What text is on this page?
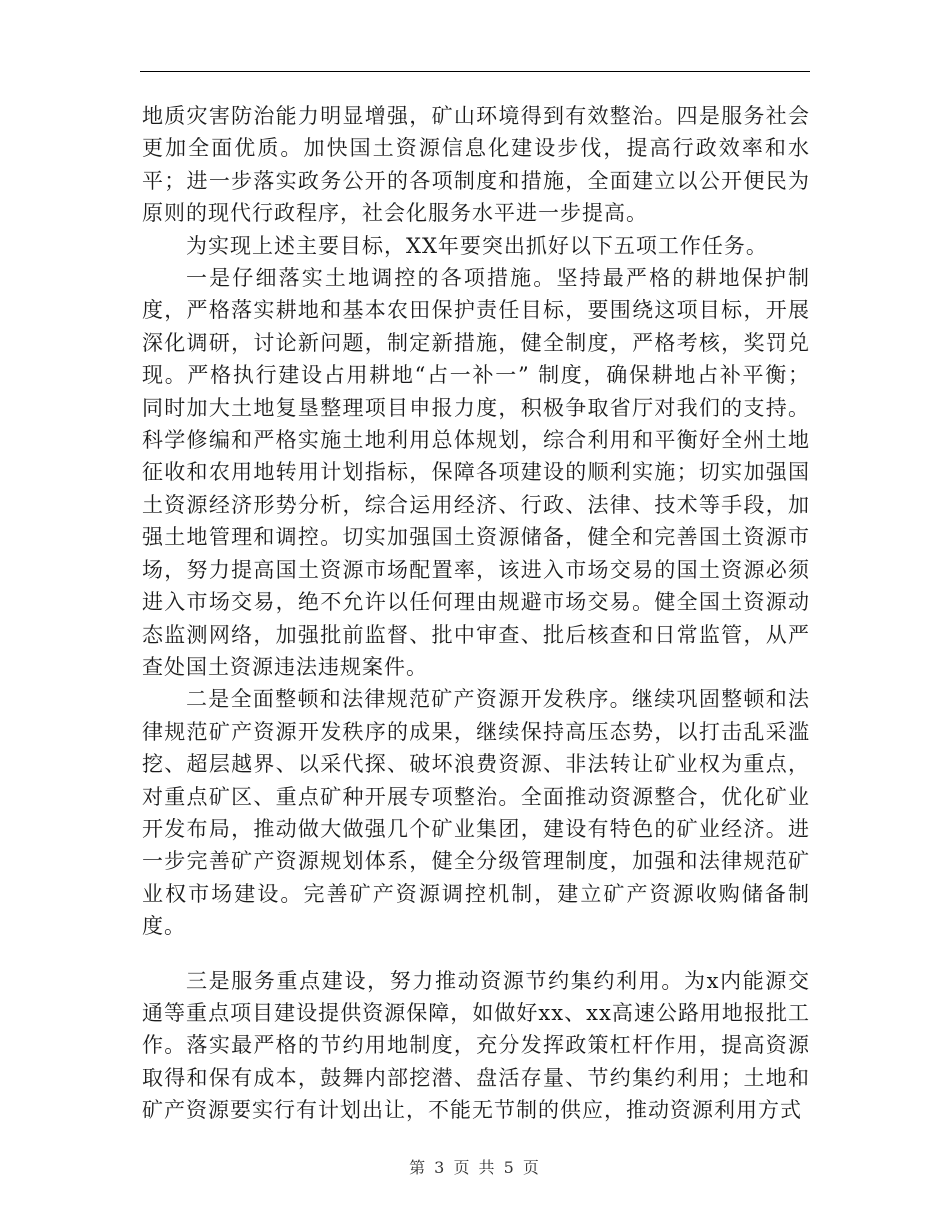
地质灾害防治能力明显增强，矿山环境得到有效整治。四是服务社会更加全面优质。加快国土资源信息化建设步伐，提高行政效率和水平；进一步落实政务公开的各项制度和措施，全面建立以公开便民为原则的现代行政程序，社会化服务水平进一步提高。

为实现上述主要目标，XX年要突出抓好以下五项工作任务。

一是仔细落实土地调控的各项措施。坚持最严格的耕地保护制度，严格落实耕地和基本农田保护责任目标，要围绕这项目标，开展深化调研，讨论新问题，制定新措施，健全制度，严格考核，奖罚兑现。严格执行建设占用耕地“占一补一” 制度，确保耕地占补平衡；同时加大土地复垦整理项目申报力度，积极争取省厅对我们的支持。科学修编和严格实施土地利用总体规划，综合利用和平衡好全州土地征收和农用地转用计划指标，保障各项建设的顺利实施；切实加强国土资源经济形势分析，综合运用经济、行政、法律、技术等手段，加强土地管理和调控。切实加强国土资源储备，健全和完善国土资源市场，努力提高国土资源市场配置率，该进入市场交易的国土资源必须进入市场交易，绝不允许以任何理由规避市场交易。健全国土资源动态监测网络，加强批前监督、批中审查、批后核查和日常监管，从严查处国土资源违法违规案件。

二是全面整顿和法律规范矿产资源开发秩序。继续巩固整顿和法律规范矿产资源开发秩序的成果，继续保持高压态势，以打击乱采滥挖、超层越界、以采代探、破坏浪费资源、非法转让矿业权为重点，对重点矿区、重点矿种开展专项整治。全面推动资源整合，优化矿业开发布局，推动做大做强几个矿业集团，建设有特色的矿业经济。进一步完善矿产资源规划体系，健全分级管理制度，加强和法律规范矿业权市场建设。完善矿产资源调控机制，建立矿产资源收购储备制度。

三是服务重点建设，努力推动资源节约集约利用。为x内能源交通等重点项目建设提供资源保障，如做好xx、xx高速公路用地报批工作。落实最严格的节约用地制度，充分发挥政策杠杆作用，提高资源取得和保有成本，鼓舞内部挖潜、盘活存量、节约集约利用；土地和矿产资源要实行有计划出让，不能无节制的供应，推动资源利用方式

第 3 页 共 5 页
